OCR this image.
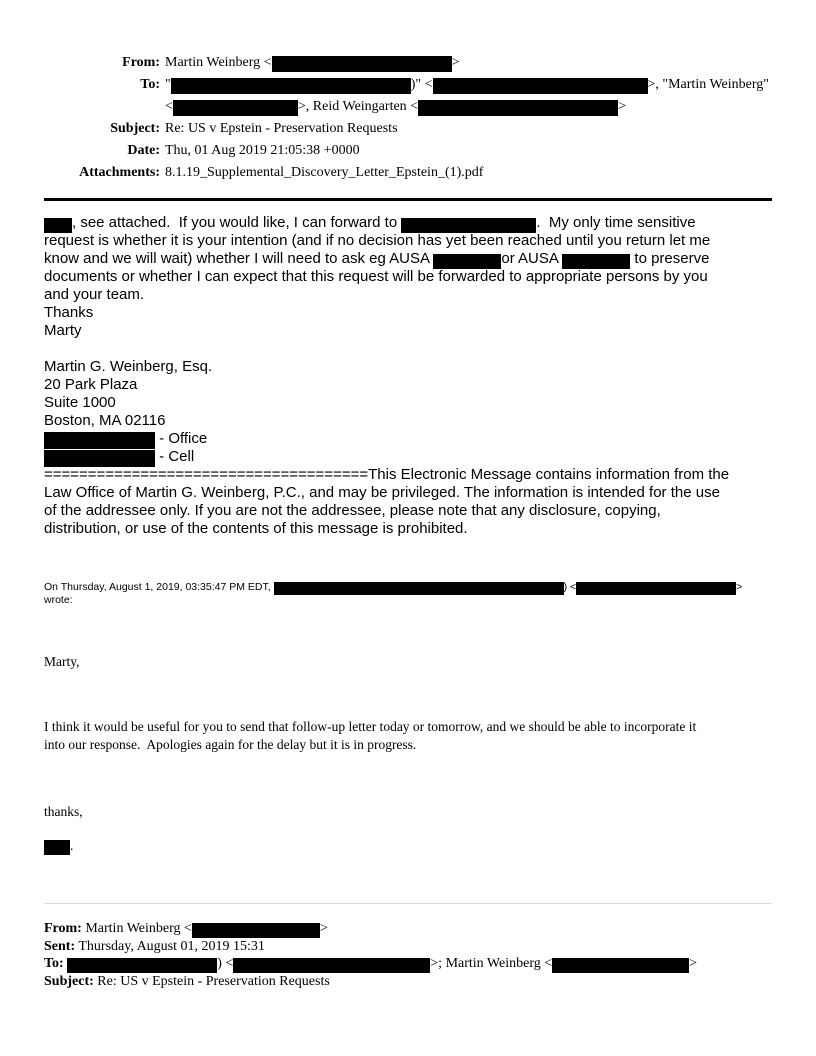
From:	Martin Weinberg < >
To:	" )" < >, "Martin Weinberg" < >, Reid Weingarten < >
Subject:	Re: US v Epstein - Preservation Requests
Date:	Thu, 01 Aug 2019 21:05:38 +0000
Attachments:	8.1.19_Supplemental_Discovery_Letter_Epstein_(1).pdf
, see attached.  If you would like, I can forward to	.  My only time sensitive
request is whether it is your intention (and if no decision has yet been reached until you return let me
know and we will wait) whether I will need to ask eg AUSA	or AUSA	to preserve
documents or whether I can expect that this request will be forwarded to appropriate persons by you
and your team.
Thanks
Marty
Martin G. Weinberg, Esq.
20 Park Plaza
Suite 1000
Boston, MA 02116
- Office
- Cell
=====================================This Electronic Message contains information from the
Law Office of Martin G. Weinberg, P.C., and may be privileged. The information is intended for the use
of the addressee only. If you are not the addressee, please note that any disclosure, copying,
distribution, or use of the contents of this message is prohibited.
On Thursday, August 1, 2019, 03:35:47 PM EDT,	) <	> wrote:
Marty,
I think it would be useful for you to send that follow-up letter today or tomorrow, and we should be able to incorporate it
into our response.  Apologies again for the delay but it is in progress.
thanks,
.
From: Martin Weinberg <	>
Sent: Thursday, August 01, 2019 15:31
To:	) <	>; Martin Weinberg <	>
Subject: Re: US v Epstein - Preservation Requests
